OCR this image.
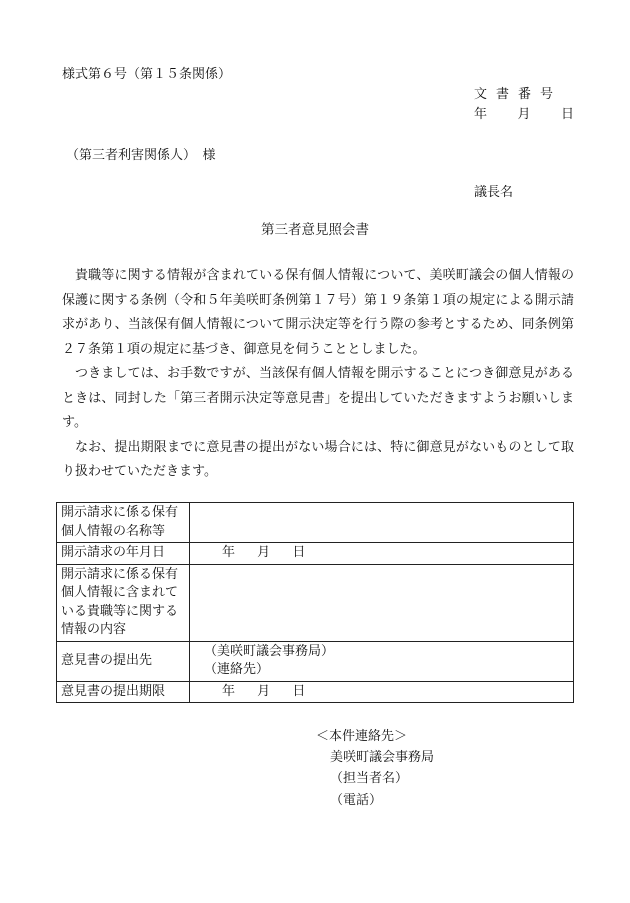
様式第６号（第１５条関係）
文書番号
年 月 日
（第三者利害関係人）　様
議長名
第三者意見照会書

貴職等に関する情報が含まれている保有個人情報について、美咲町議会の個人情報の保護に関する条例（令和５年美咲町条例第１７号）第１９条第１項の規定による開示請求があり、当該保有個人情報について開示決定等を行う際の参考とするため、同条例第２７条第１項の規定に基づき、御意見を伺うこととしました。

つきましては、お手数ですが、当該保有個人情報を開示することにつき御意見があるときは、同封した「第三者開示決定等意見書」を提出していただきますようお願いします。

なお、提出期限までに意見書の提出がない場合には、特に御意見がないものとして取り扱わせていただきます。

開示請求に係る保有個人情報の名称等	
開示請求の年月日	年 月 日
開示請求に係る保有個人情報に含まれている貴職等に関する情報の内容	
意見書の提出先	（美咲町議会事務局）
（連絡先）

意見書の提出期限	年 月 日
＜本件連絡先＞
美咲町議会事務局
（担当者名）
（電話）
